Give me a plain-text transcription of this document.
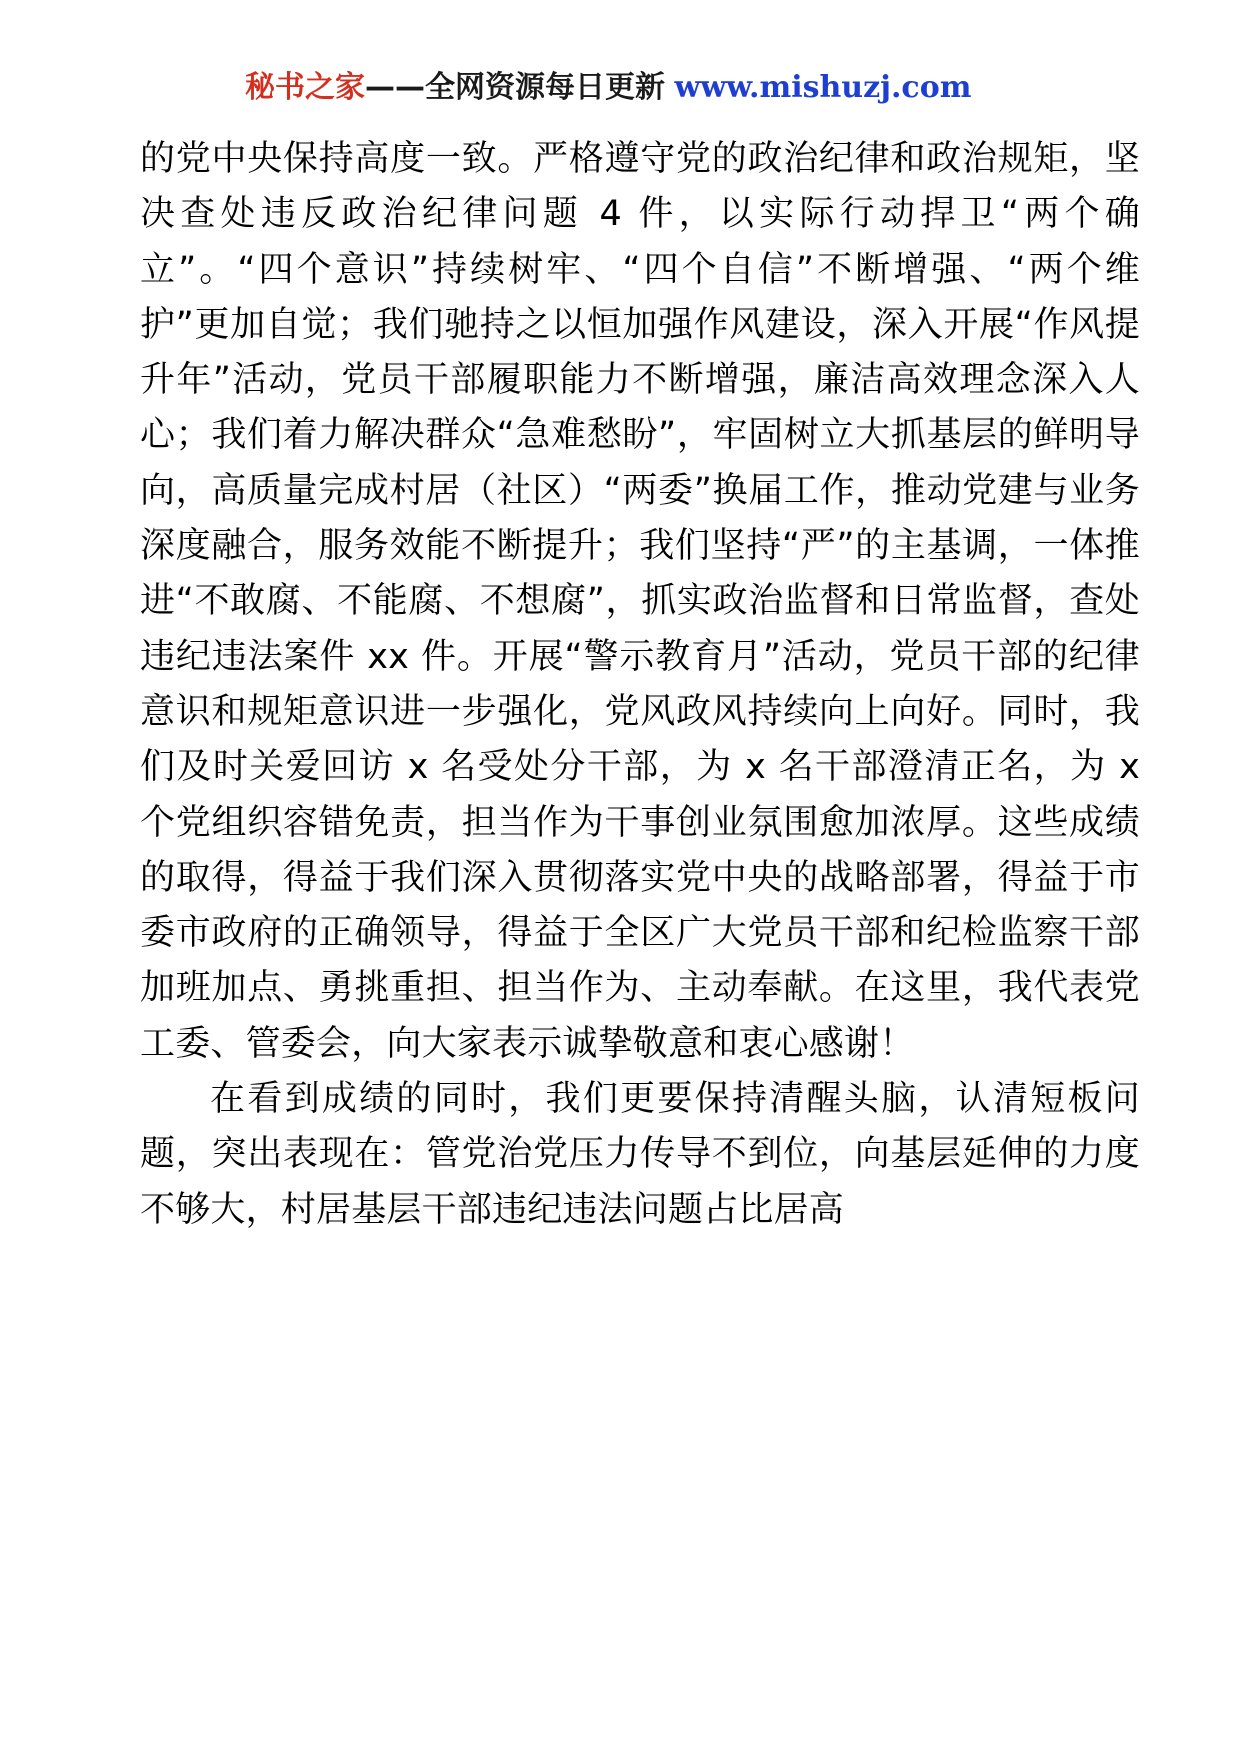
秘书之家——全网资源每日更新 www.mishuzj.com

的党中央保持高度一致。严格遵守党的政治纪律和政治规矩，坚决查处违反政治纪律问题 4 件，以实际行动捍卫“两个确立”。“四个意识”持续树牢、“四个自信”不断增强、“两个维护”更加自觉；我们驰持之以恒加强作风建设，深入开展“作风提升年”活动，党员干部履职能力不断增强，廉洁高效理念深入人心；我们着力解决群众“急难愁盼”，牢固树立大抓基层的鲜明导向，高质量完成村居（社区）“两委”换届工作，推动党建与业务深度融合，服务效能不断提升；我们坚持“严”的主基调，一体推进“不敢腐、不能腐、不想腐”，抓实政治监督和日常监督，查处违纪违法案件 xx 件。开展“警示教育月”活动，党员干部的纪律意识和规矩意识进一步强化，党风政风持续向上向好。同时，我们及时关爱回访 x 名受处分干部，为 x 名干部澄清正名，为 x 个党组织容错免责，担当作为干事创业氛围愈加浓厚。这些成绩的取得，得益于我们深入贯彻落实党中央的战略部署，得益于市委市政府的正确领导，得益于全区广大党员干部和纪检监察干部加班加点、勇挑重担、担当作为、主动奉献。在这里，我代表党工委、管委会，向大家表示诚挚敬意和衷心感谢！

在看到成绩的同时，我们更要保持清醒头脑，认清短板问题，突出表现在：管党治党压力传导不到位，向基层延伸的力度不够大，村居基层干部违纪违法问题占比居高
